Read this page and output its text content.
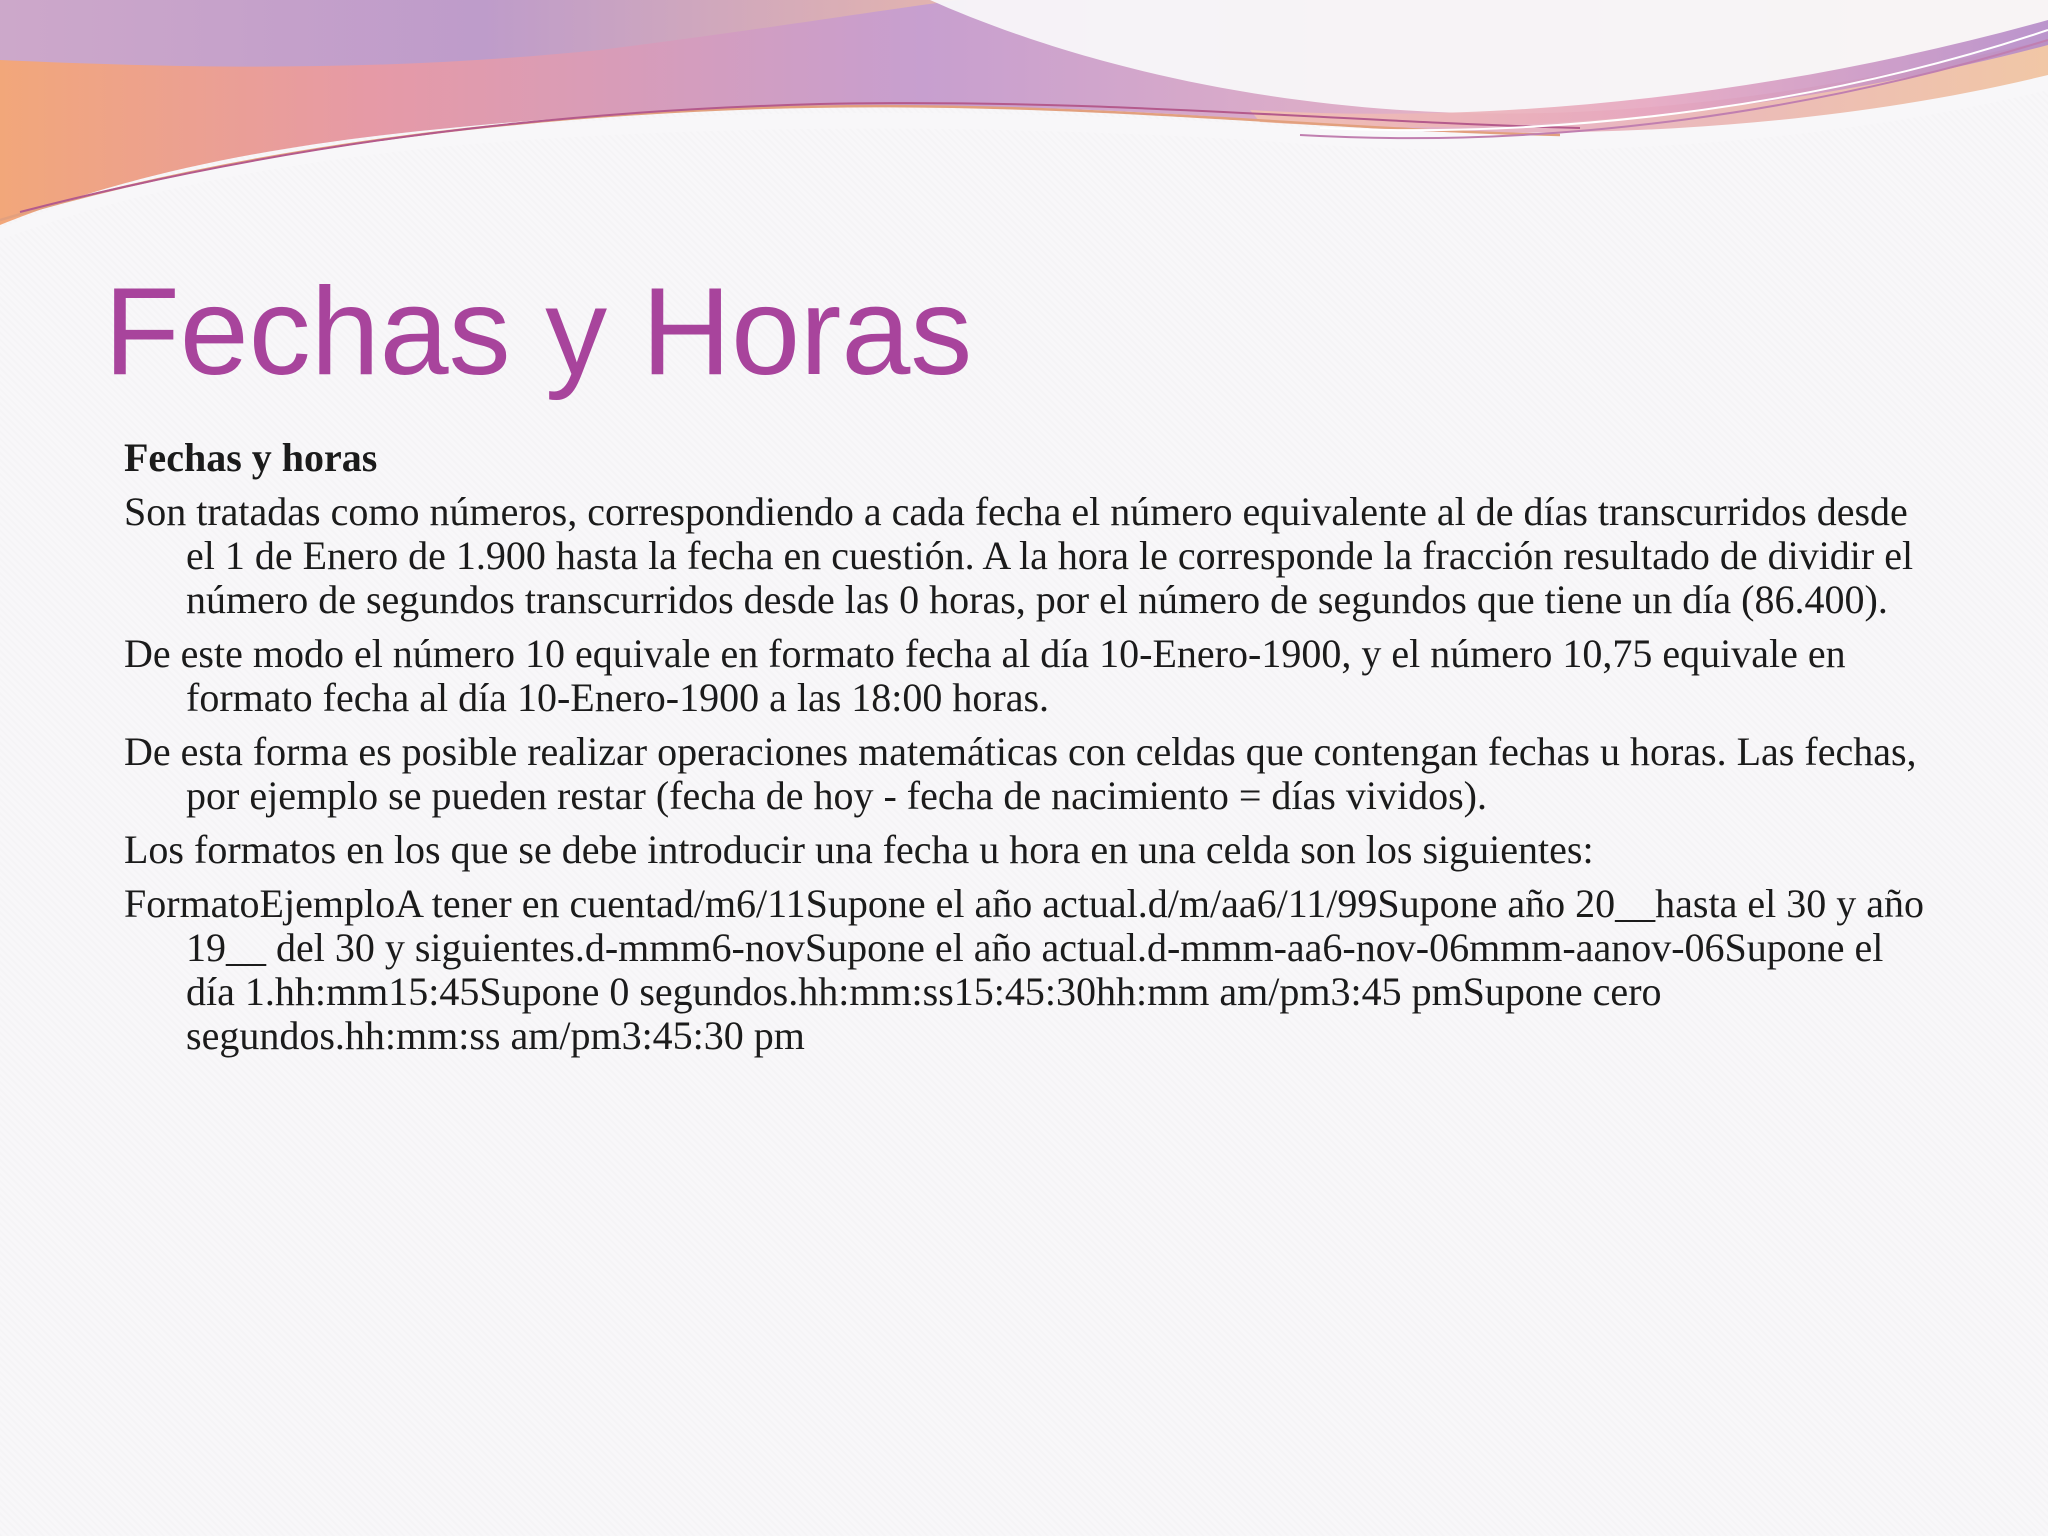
Fechas y Horas

Fechas y horas

Son tratadas como números, correspondiendo a cada fecha el número equivalente al de días transcurridos desde el 1 de Enero de 1.900 hasta la fecha en cuestión. A la hora le corresponde la fracción resultado de dividir el número de segundos transcurridos desde las 0 horas, por el número de segundos que tiene un día (86.400).

De este modo el número 10 equivale en formato fecha al día 10-Enero-1900, y el número 10,75 equivale en formato fecha al día 10-Enero-1900 a las 18:00 horas.

De esta forma es posible realizar operaciones matemáticas con celdas que contengan fechas u horas. Las fechas, por ejemplo se pueden restar (fecha de hoy - fecha de nacimiento = días vividos).

Los formatos en los que se debe introducir una fecha u hora en una celda son los siguientes:

FormatoEjemploA tener en cuentad/m6/11Supone el año actual.d/m/aa6/11/99Supone año 20__hasta el 30 y año 19__ del 30 y siguientes.d-mmm6-novSupone el año actual.d-mmm-aa6-nov-06mmm-aanov-06Supone el día 1.hh:mm15:45Supone 0 segundos.hh:mm:ss15:45:30hh:mm am/pm3:45 pmSupone cero segundos.hh:mm:ss am/pm3:45:30 pm
